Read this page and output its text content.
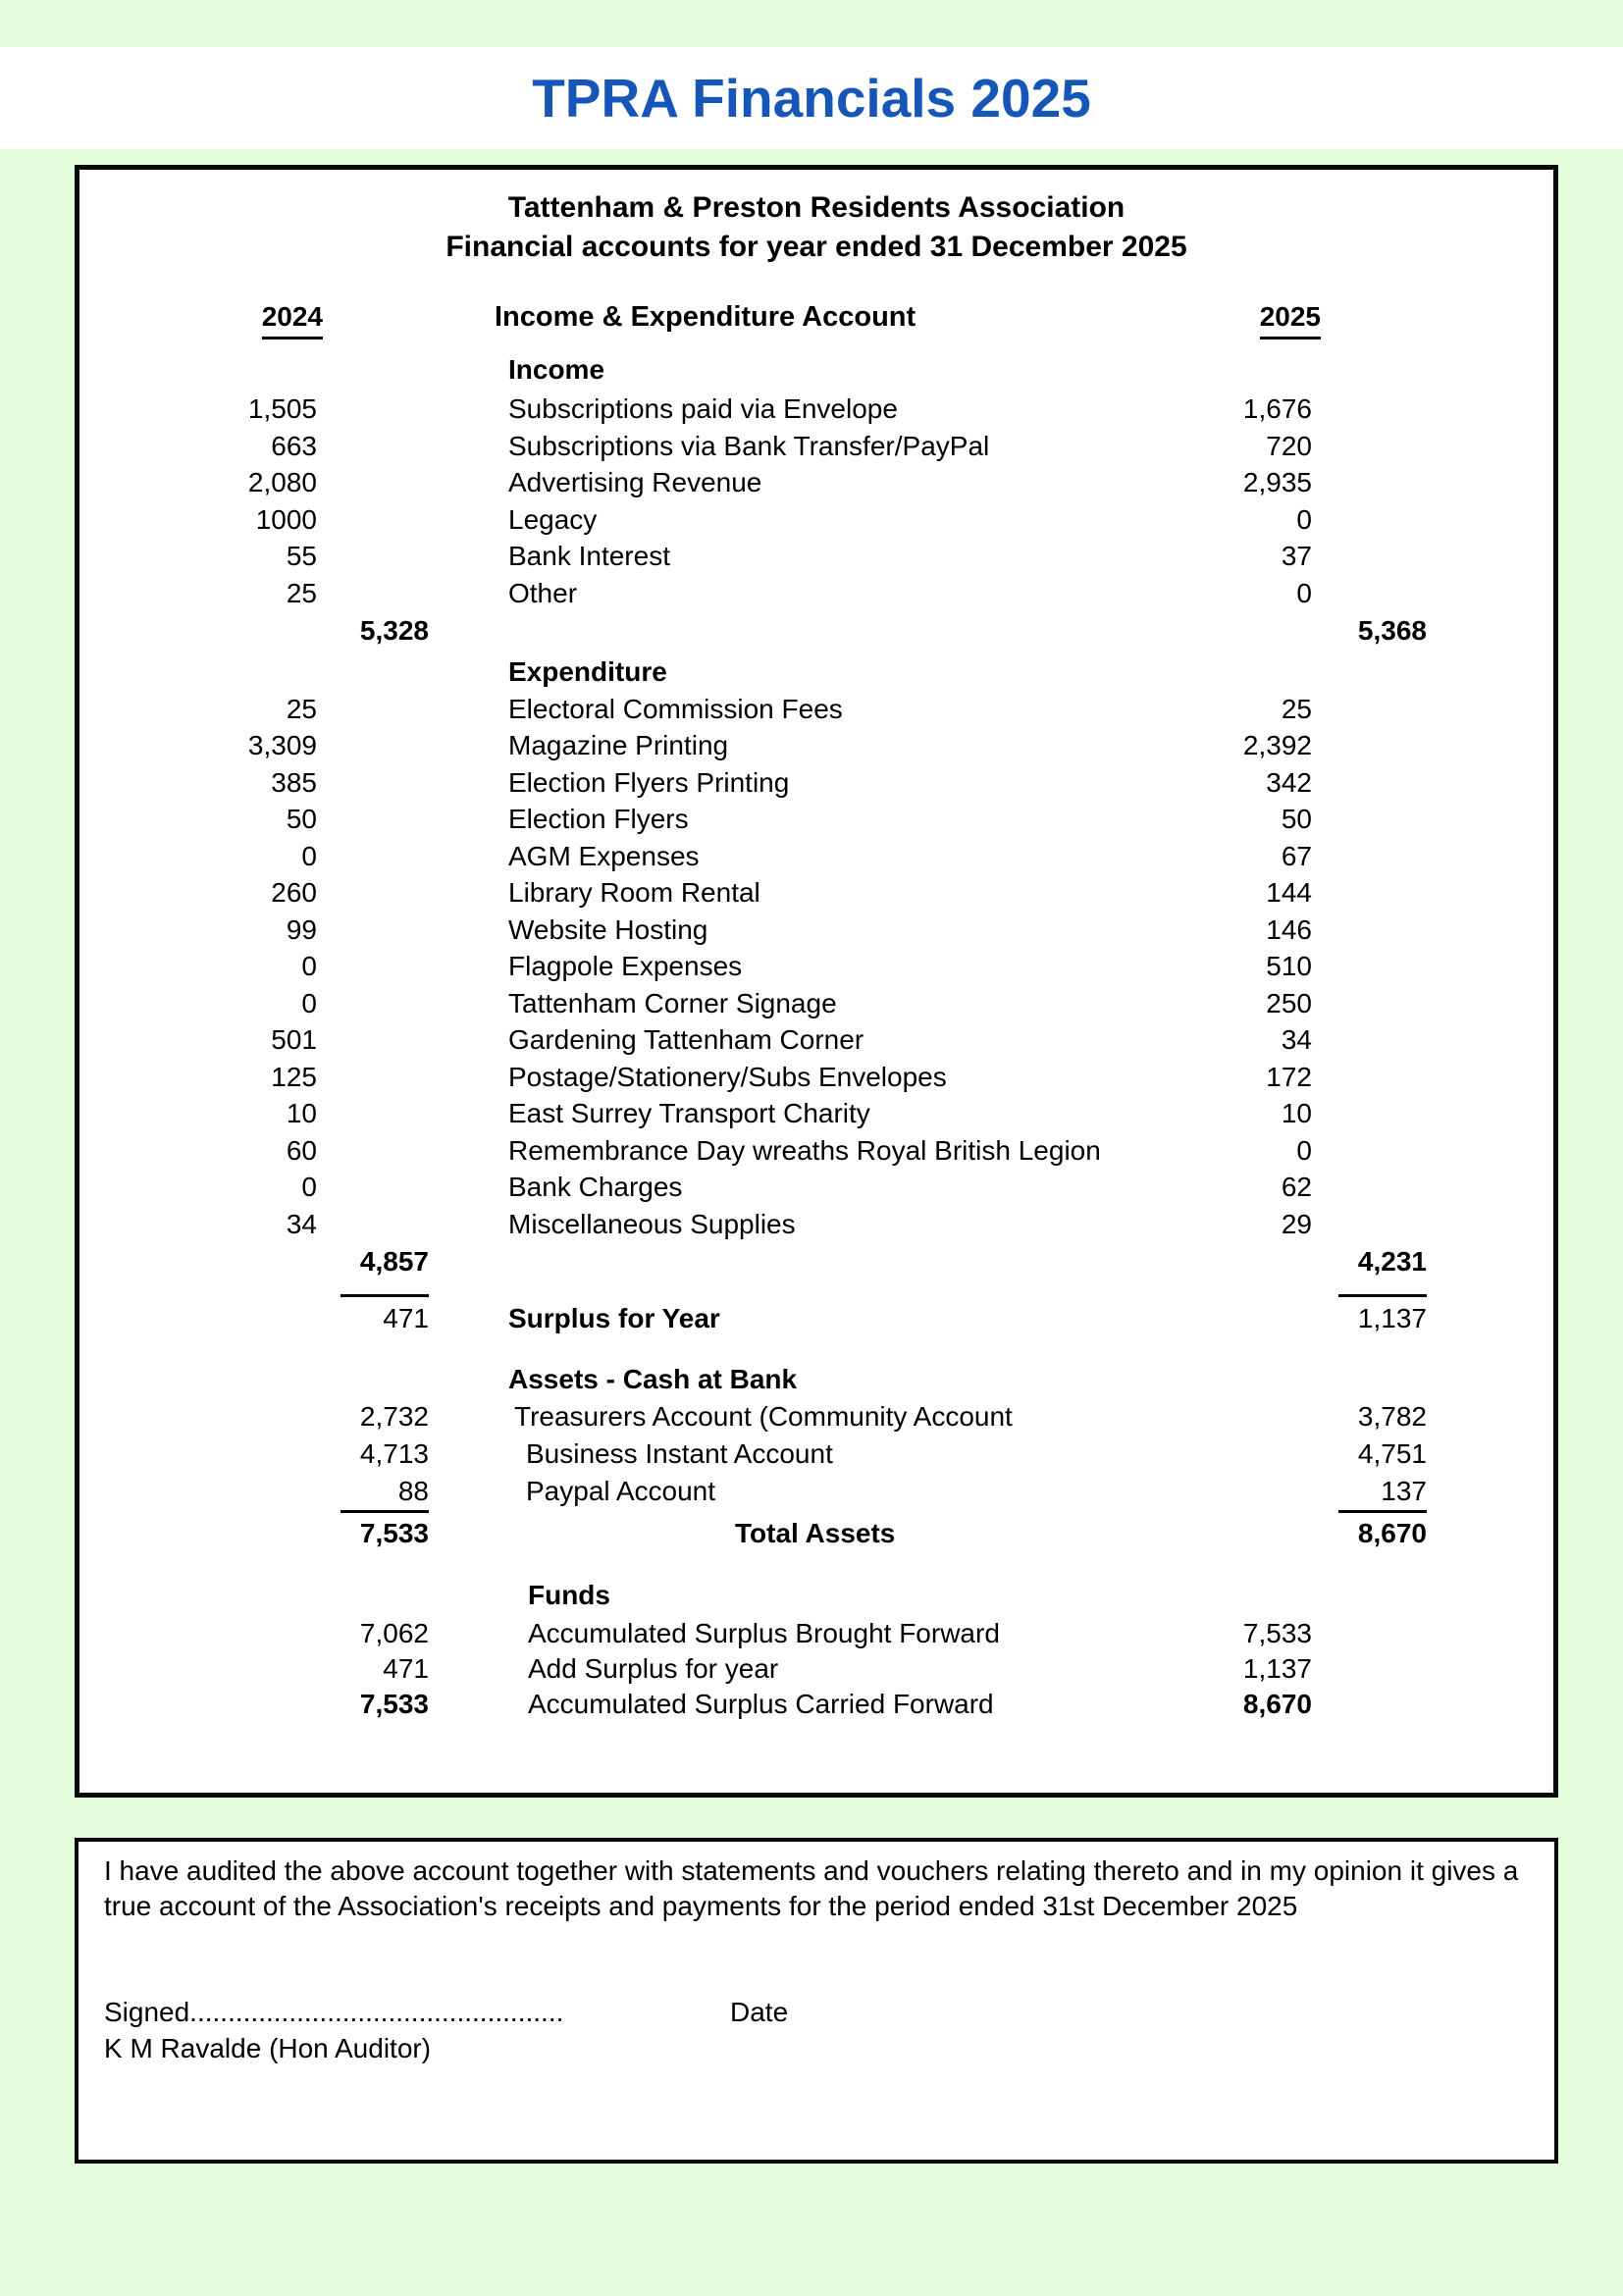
TPRA Financials 2025
Tattenham & Preston Residents Association
Financial accounts for year ended 31 December 2025
2024	Income & Expenditure Account	2025
Income
1,505	Subscriptions paid via Envelope	1,676
663	Subscriptions via Bank Transfer/PayPal	720
2,080	Advertising Revenue	2,935
1000	Legacy	0
55	Bank Interest	37
25	Other	0
5,328	5,368
Expenditure
25	Electoral Commission Fees	25
3,309	Magazine Printing	2,392
385	Election Flyers Printing	342
50	Election Flyers	50
0	AGM Expenses	67
260	Library Room Rental	144
99	Website Hosting	146
0	Flagpole Expenses	510
0	Tattenham Corner Signage	250
501	Gardening Tattenham Corner	34
125	Postage/Stationery/Subs Envelopes	172
10	East Surrey Transport Charity	10
60	Remembrance Day wreaths Royal British Legion	0
0	Bank Charges	62
34	Miscellaneous Supplies	29
4,857	4,231
471	Surplus for Year	1,137
Assets - Cash at Bank
2,732	Treasurers Account (Community Account	3,782
4,713	Business Instant Account	4,751
88	Paypal Account	137
7,533	Total Assets	8,670
Funds
7,062	Accumulated Surplus Brought Forward	7,533
471	Add Surplus for year	1,137
7,533	Accumulated Surplus Carried Forward	8,670
I have audited the above account together with statements and vouchers relating thereto and in my opinion it gives a true account of the Association's receipts and payments for the period ended 31st December 2025
Signed.................................................	Date
K M Ravalde (Hon Auditor)
